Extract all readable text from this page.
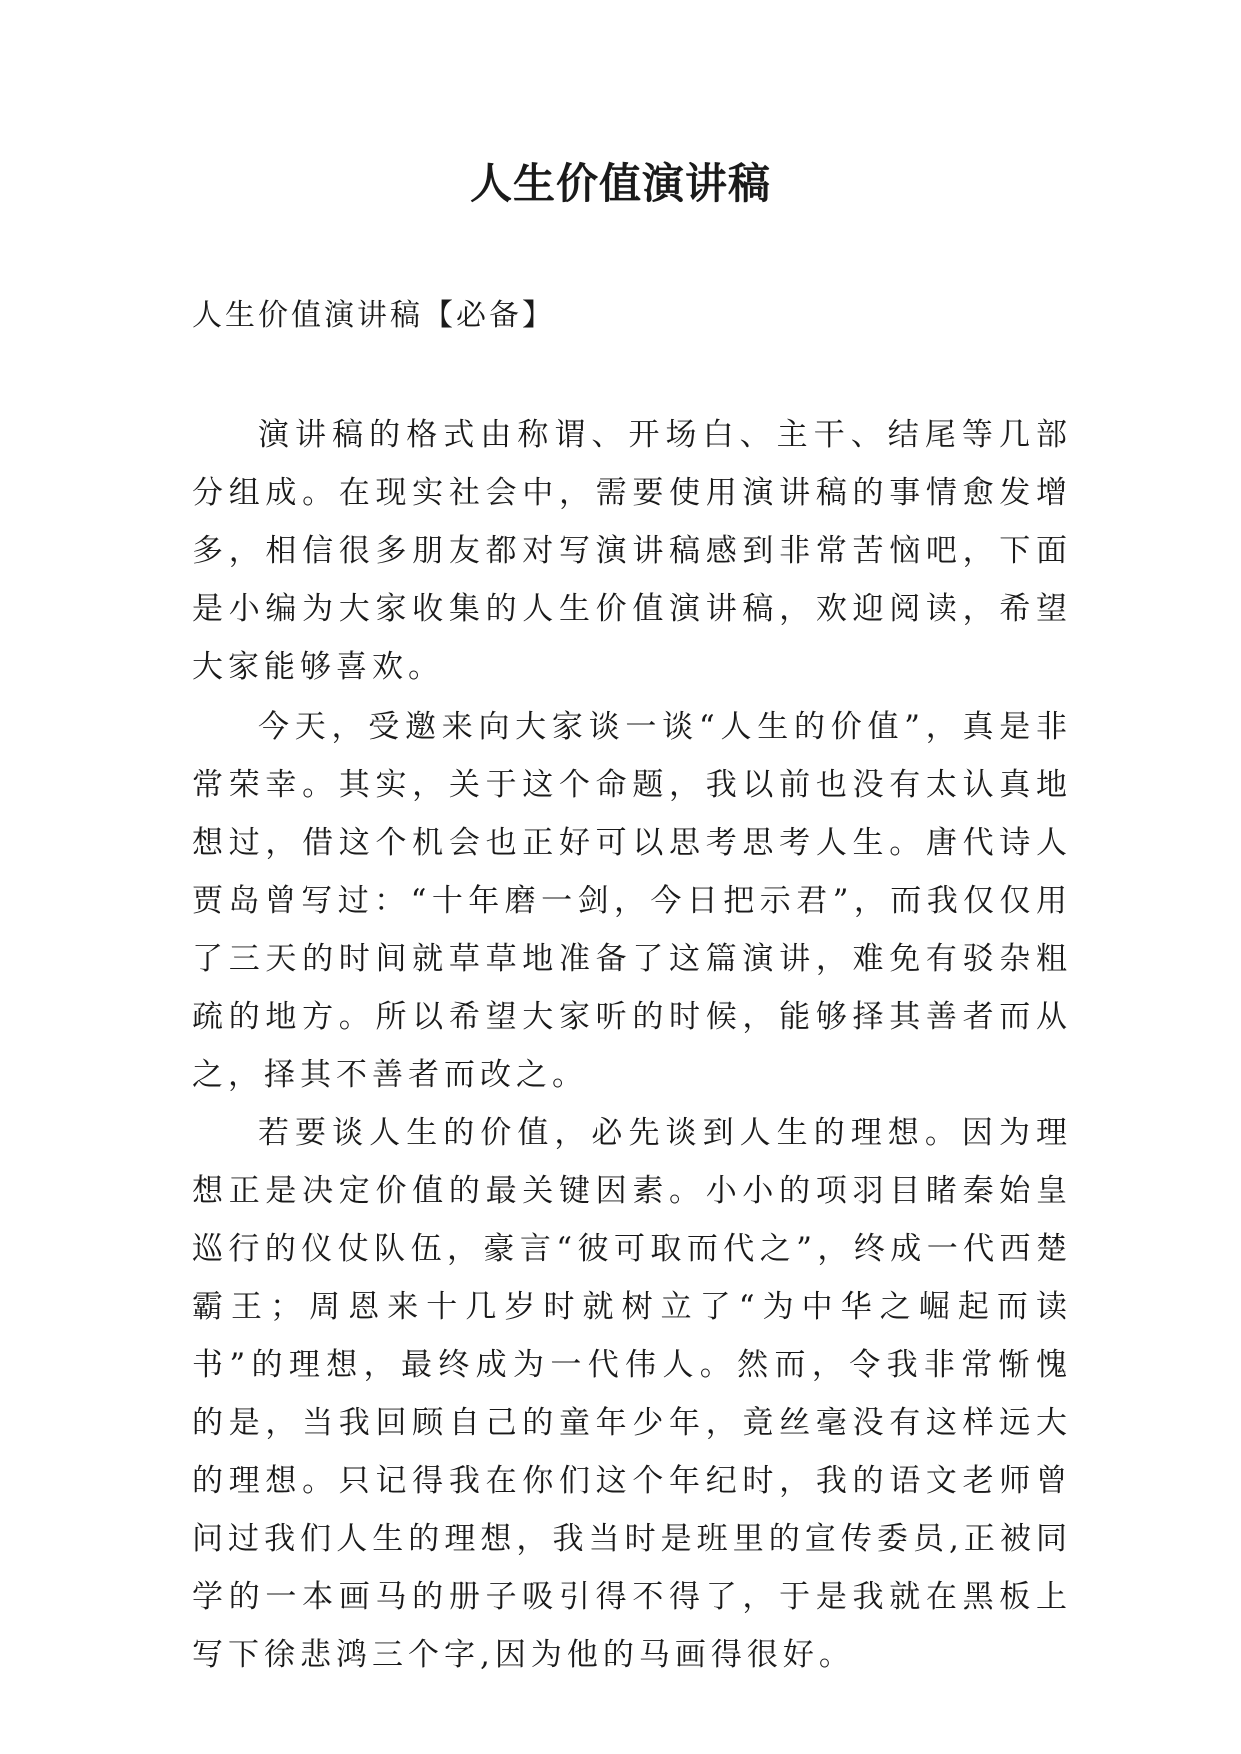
人生价值演讲稿
人生价值演讲稿【必备】

演讲稿的格式由称谓、开场白、主干、结尾等几部分组成。在现实社会中，需要使用演讲稿的事情愈发增多，相信很多朋友都对写演讲稿感到非常苦恼吧，下面是小编为大家收集的人生价值演讲稿，欢迎阅读，希望大家能够喜欢。

今天，受邀来向大家谈一谈“人生的价值”，真是非常荣幸。其实，关于这个命题，我以前也没有太认真地想过，借这个机会也正好可以思考思考人生。唐代诗人贾岛曾写过：“十年磨一剑，今日把示君”，而我仅仅用了三天的时间就草草地准备了这篇演讲，难免有驳杂粗疏的地方。所以希望大家听的时候，能够择其善者而从之，择其不善者而改之。

若要谈人生的价值，必先谈到人生的理想。因为理想正是决定价值的最关键因素。小小的项羽目睹秦始皇巡行的仪仗队伍，豪言“彼可取而代之”，终成一代西楚霸王；周恩来十几岁时就树立了“为中华之崛起而读书”的理想，最终成为一代伟人。然而，令我非常惭愧的是，当我回顾自己的童年少年，竟丝毫没有这样远大的理想。只记得我在你们这个年纪时，我的语文老师曾问过我们人生的理想，我当时是班里的宣传委员,正被同学的一本画马的册子吸引得不得了，于是我就在黑板上写下徐悲鸿三个字,因为他的马画得很好。
